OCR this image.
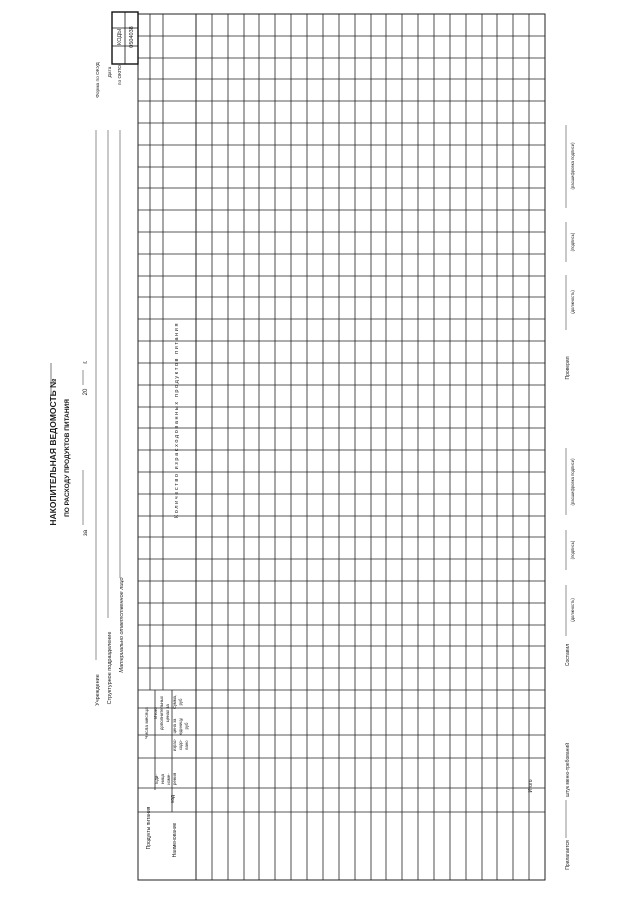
НАКОПИТЕЛЬНАЯ ВЕДОМОСТЬ № ПО РАСХОДУ ПРОДУКТОВ ПИТАНИЯ
за
20
г.
Учреждение Структурное подразделение Материально ответственное лицо
КОДЫ 0504038
Форма по ОКУД Дата по ОКПО
Продукты питания	Наименование
код
Еди- ница изме- рения
Числа месяца Итого дополнительных ценах за
израс- ходо- вано
цена за единицу, руб
Сумма, руб
Количество израсходованных продуктов питания
Итого
Прилагается
штук меню-требований
Составил
(должность)
(подпись)
(расшифровка подписи)
Проверил
(должность)
(подпись)
(расшифровка подписи)
